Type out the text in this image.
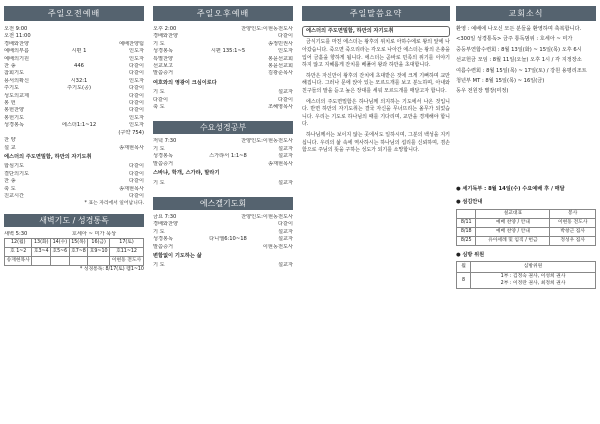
주일오전예배
오전 9:00
오전 11:00
경배와찬양	예배찬양팀
예배의부름	시편 1	인도자
예배의기원	인도자
찬 송	446	다같이
참회기도	다같이
용서의확신	시32:1	인도자
주기도	주기도(공)	다같이
성도의교제	다같이
봉 헌	다같이
봉헌찬양	다같이
봉헌기도	인도자
성경봉독	에스더1:1~12	인도자
(구약 754)
찬 양
설 교	송재현목사
에스더의 주도면밀함, 하만의 자기도취
합심기도	다같이
결단의기도	다같이
찬 송	다같이
축 도	송재현목사
친교시간	다같이
* 표는 자리에서 일어납니다.
새벽기도 / 성경통독
새벽 5:30	호세아 ~ 미가 묵상
12(월)	13(화)	14(수)	15(목)	16(금)	17(토)
호 1~2	호3~4	호5~6	호7~8	호9~10	호11~12
송재현목사					이현동 전도사
* 성경통독: 8/17(토) 렘1~10
주일오후예배
오후 2:00	찬양인도:이현동전도사
경배와찬양	다같이
기 도	송정민권사
성경봉독	시편 135:1~5	인도자
특별찬양	봉윤선교회
선교보고	봉윤선교회
말씀증거	김광준목사
여호와의 영광이 크심이로다
기 도	설교자
다같이	다같이
축 도	조혜영목사
수요성경공부
저녁 7:30	찬양인도:이현동전도사
기 도	설교자
성경봉독	스가랴서 1:1~8	설교자
말씀증거	송재현목사
스바냐, 학개, 스가랴, 말라기
기 도	설교자
에스겔기도회
금요 7:30	찬양인도:이현동전도사
경배와찬양	다같이
기 도	설교자
성경봉독	다니엘6:10~18	설교자
말씀증거	이현동전도사
변함없이 기도하는 삶
기 도	설교자
주일말씀요약
에스더의 주도면밀함, 하만의 자기도취

금식기도를 마친 에스더는 왕후의 위치로 아하수에로 왕의 앞에 나아갔습니다. 죽으면 죽으리라는 각오로 나아간 에스더는 왕의 은총을 입어 금홀을 향하게 됩니다. 에스더는 곧바로 민족의 위기를 이야기하지 않고 지혜롭게 잔치를 베풀어 왕과 하만을 초대합니다.

하만은 자신만이 왕후의 잔치에 초대받은 것에 크게 기뻐하며 교만해집니다. 그러나 문에 앉아 있는 모르드개를 보고 분노하며, 아내와 친구들의 말을 듣고 높은 장대를 세워 모르드개를 매달고자 합니다.

에스더의 주도면밀함은 하나님께 의지하는 기도에서 나온 것입니다. 반면 하만의 자기도취는 결국 자신을 무너뜨리는 올무가 되었습니다. 우리는 기도로 하나님의 때를 기다리며, 교만을 경계해야 합니다.

하나님께서는 보이지 않는 곳에서도 일하시며, 그분의 백성을 지키십니다. 우리의 삶 속에 역사하시는 하나님의 섭리를 신뢰하며, 겸손함으로 주님의 뜻을 구하는 성도가 되기를 소망합니다.

교회소식
환영 : 예배에 나오신 모든 분들을 환영하며 축복합니다.
<300일 성경통독> 금주 통독범위 : 호세아 ~ 미가
중등부연합수련회 : 8월 13일(화) ~ 15일(목) 오후 6시
선교헌금 모임 : 8월 11일(오늘) 오후 1시 / 각 지정장소
여름수련회 : 8월 15일(목) ~ 17일(토) / 강원 용평리조트
청년부 MT : 8월 15일(목) ~ 16일(금)
동우 전원장 별장(미정)
● 세기독부 : 8월 14일(수) 수요예배 후 / 매달
● 섬김안내
	설교대표	봉사
8/11	예배 찬양 / 안내	이현동 전도사
8/18	예배 찬양 / 안내	박창근 집사
8/25	유아세례 및 임직 / 헌금	정성우 집사
● 심방 위원
월	심방위원
8	1부 : 김정숙 권사, 이성희 권사
2부 : 이정란 권사, 최정희 권사
